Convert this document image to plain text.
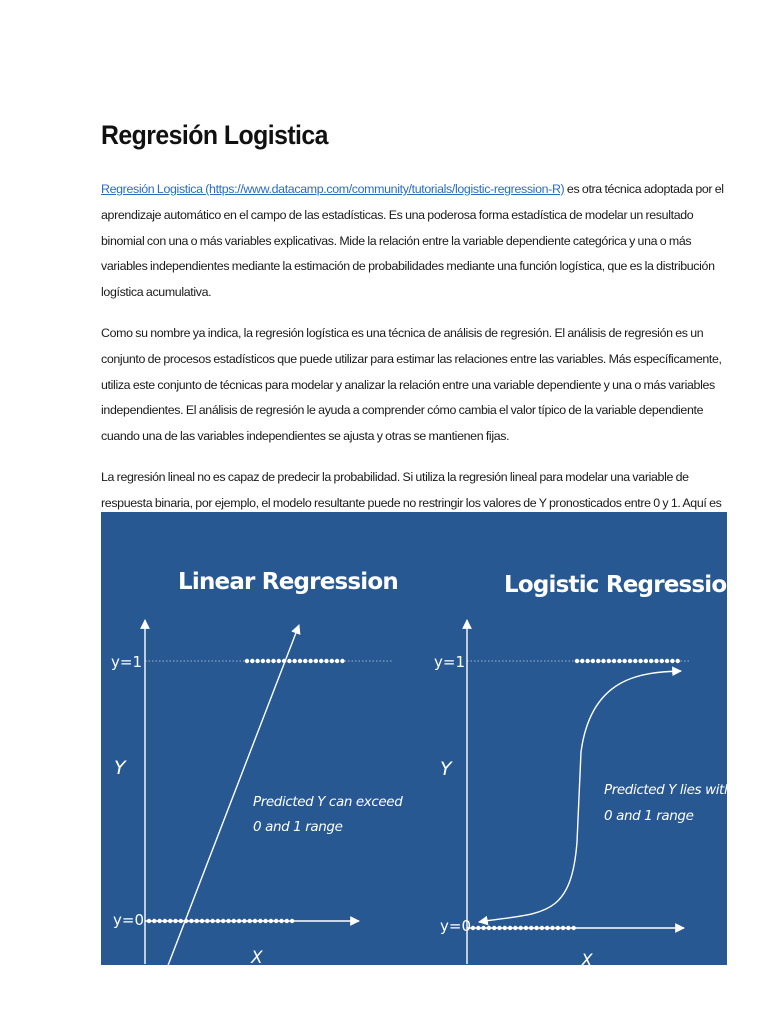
Regresión Logistica

Regresión Logistica (https://www.datacamp.com/community/tutorials/logistic-regression-R) es otra técnica adoptada por el aprendizaje automático en el campo de las estadísticas. Es una poderosa forma estadística de modelar un resultado binomial con una o más variables explicativas. Mide la relación entre la variable dependiente categórica y una o más variables independientes mediante la estimación de probabilidades mediante una función logística, que es la distribución logística acumulativa.

Como su nombre ya indica, la regresión logística es una técnica de análisis de regresión. El análisis de regresión es un conjunto de procesos estadísticos que puede utilizar para estimar las relaciones entre las variables. Más específicamente, utiliza este conjunto de técnicas para modelar y analizar la relación entre una variable dependiente y una o más variables independientes. El análisis de regresión le ayuda a comprender cómo cambia el valor típico de la variable dependiente cuando una de las variables independientes se ajusta y otras se mantienen fijas.

La regresión lineal no es capaz de predecir la probabilidad. Si utiliza la regresión lineal para modelar una variable de respuesta binaria, por ejemplo, el modelo resultante puede no restringir los valores de Y pronosticados entre 0 y 1. Aquí es

Linear Regression
y=1
y=0
Y
X
Predicted Y can exceed
0 and 1 range
Logistic Regression
y=1
y=0
Y
X
Predicted Y lies within
0 and 1 range
